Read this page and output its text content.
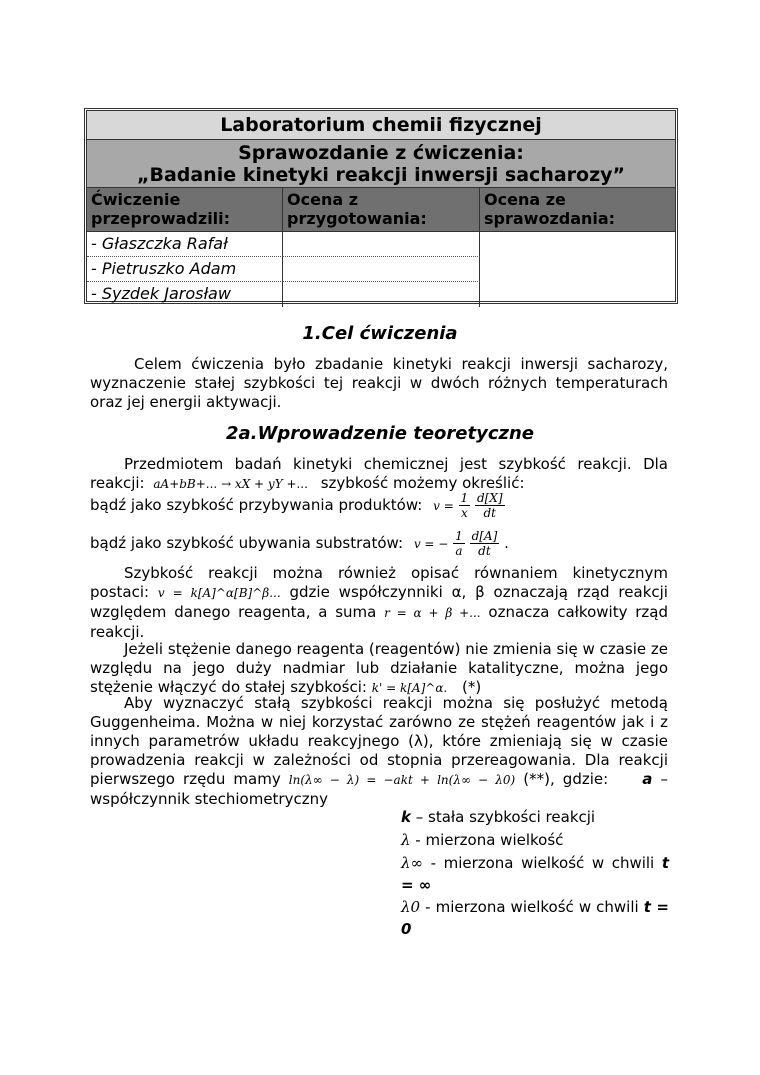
Laboratorium chemii fizycznej
Sprawozdanie z ćwiczenia:
„Badanie kinetyki reakcji inwersji sacharozy”
Ćwiczenie przeprowadzili:
Ocena z przygotowania:
Ocena ze sprawozdania:
- Głaszczka Rafał
- Pietruszko Adam
- Syzdek Jarosław
1.Cel ćwiczenia

Celem ćwiczenia było zbadanie kinetyki reakcji inwersji sacharozy, wyznaczenie stałej szybkości tej reakcji w dwóch różnych temperaturach oraz jej energii aktywacji.

2a.Wprowadzenie teoretyczne

Przedmiotem badań kinetyki chemicznej jest szybkość reakcji. Dla

reakcji: aA+bB+... → xX + yY +... szybkość możemy określić:
bądź jako szybkość przybywania produktów: $v = \frac{1}{x}$
$\frac{d[X]}{dt}$
bądź jako szybkość ubywania substratów: v = − $\frac{1}{a}$
$\frac{d[A]}{dt}$ .

Szybkość reakcji można również opisać równaniem kinetycznym postaci: v = k[A]^α[B]^β... gdzie współczynniki α, β oznaczają rząd reakcji względem danego reagenta, a suma r = α + β +... oznacza całkowity rząd reakcji.

Jeżeli stężenie danego reagenta (reagentów) nie zmienia się w czasie ze względu na jego duży nadmiar lub działanie katalityczne, można jego stężenie włączyć do stałej szybkości: k' = k[A]^α. (*)

Aby wyznaczyć stałą szybkości reakcji można się posłużyć metodą Guggenheima. Można w niej korzystać zarówno ze stężeń reagentów jak i z innych parametrów układu reakcyjnego (λ), które zmieniają się w czasie prowadzenia reakcji w zależności od stopnia przereagowania. Dla reakcji pierwszego rzędu mamy ln(λ∞ − λ) = −akt + ln(λ∞ − λ0) (**), gdzie: a – współczynnik stechiometryczny

k – stała szybkości reakcji
λ - mierzona wielkość
λ∞ - mierzona wielkość w chwili t = ∞
λ0 - mierzona wielkość w chwili t = 0
